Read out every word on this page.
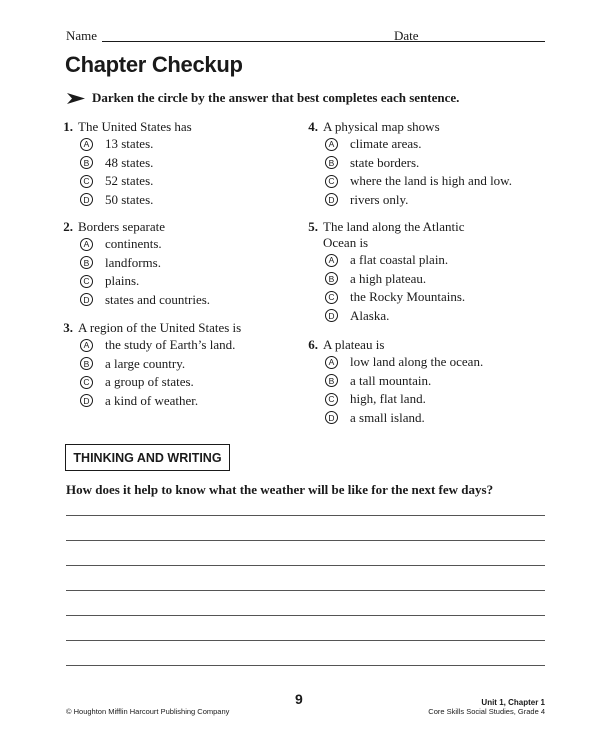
Name	Date
Chapter Checkup
Darken the circle by the answer that best completes each sentence.
1. The United States has
A 13 states.
B 48 states.
C 52 states.
D 50 states.
2. Borders separate
A continents.
B landforms.
C plains.
D states and countries.
3. A region of the United States is
A the study of Earth’s land.
B a large country.
C a group of states.
D a kind of weather.
4. A physical map shows
A climate areas.
B state borders.
C where the land is high and low.
D rivers only.
5. The land along the Atlantic
Ocean is
A a flat coastal plain.
B a high plateau.
C the Rocky Mountains.
D Alaska.
6. A plateau is
A low land along the ocean.
B a tall mountain.
C high, flat land.
D a small island.
THINKING AND WRITING
How does it help to know what the weather will be like for the next few days?
9
© Houghton Mifflin Harcourt Publishing Company
Unit 1, Chapter 1
Core Skills Social Studies, Grade 4
